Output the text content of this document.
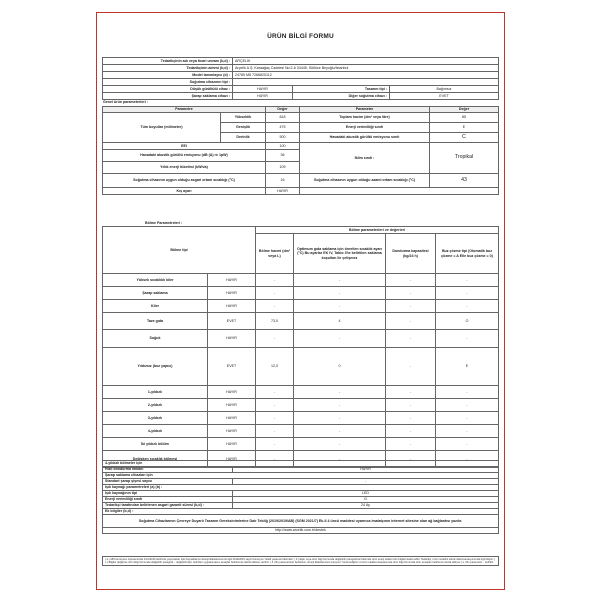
ÜRÜN BİLGİ FORMU
Tedarikçinin adı veya ticari unvanı (b,d) :	ARÇELİK
Tedarikçinin adresi (b,d) :	Arçelik A.Ş. Karaağaç Caddesi No:2-6 34445, Sütlüce Beyoğlu/İstanbul
Model tanımlayıcı (d) :	24785 M8 7266820112
Soğutma cihazının tipi :			
Düşük gürültülü cihaz :	HAYIR	Tasarım tipi :	Bağımsız
Şarap saklama cihazı :	HAYIR	Diğer soğutma cihazı :	EVET
Genel ürün parametreleri :
Parametre		Değer	Parametre	Değer
Tüm boyutlar (milimetre)	Yükseklik	818	Toplam hacim (dm³ veya litre)	85
	Genişlik	475	Enerji verimliliği sınıfı	E
	Derinlik	500	Havadaki akustik gürültü emisyonu sınıfı	C
EEI		100	İklim sınıfı :	Tropikal
Havadaki akustik gürültü emisyonu (dB (A) re 1pW)		36		
Yıllık enerji tüketimi (kWh/a)		109		
Soğutma cihazının uygun olduğu asgari ortam sıcaklığı (°C)		16	Soğutma cihazının uygun olduğu azami ortam sıcaklığı (°C)	43
Kış ayarı		HAYIR		
Bölme Parametreleri :
Bölme tipi		Bölme parametreleri ve değerleri			
		Bölme hacmi (dm³ veya L)	Optimum gıda saklama için önerilen sıcaklık ayarı (°C) Bu ayarlar EK IV, Tablo 3'te belirtilen saklama koşulları ile çelişmez	Dondurma kapasitesi (kg/24 h)	Buz çözme tipi (Otomatik buz çözme = A Elle buz çözme = 0)
Yüksek sıcaklıklı kiler	HAYIR	-	-	-	-
Şarap saklama	HAYIR	-	-	-	-
Kiler	HAYIR	-	-	-	-
Taze gıda	EVET	73,0	4	-	O
Soğuk	HAYIR	-	-	-	-
Yıldızsız (buz yapıcı)	EVET	12,0	0	-	E
1-yıldızlı	HAYIR	-	-	-	-
2-yıldızlı	HAYIR	-	-	-	-
3-yıldızlı	HAYIR	-	-	-	-
4-yıldızlı	HAYIR	-	-	-	-
İki yıldızlı bölüm	HAYIR	-	-	-	-
Değişken sıcaklık bölmesi	HAYIR	-	-	-	-
4-yıldızlı bölmeler için	
Hızlı dondurma imkânı	HAYIR
Şarap saklama cihazları için	
Standart şarap şişesi sayısı	-
Işık kaynağı parametreleri (a) (b) :	
Işık kaynağının tipi	LED
Enerji verimliliği sınıfı	G
Tedarikçi tarafından belirlenen asgari garanti süresi (b,d) :	24 Ay
Ek bilgiler (b,d) :	
Soğutma Cihazlarının Çevreye Duyarlı Tasarım Gereksinimlerine Dair Tebliğ (2019/2019/AB) (SGM 2021/7) Ek-II 4 üncü maddesi uyarınca imalatçının internet sitesine olan ağ bağlantısı yazılır.	
http://www.arcelik.com.tr/destek	
( a ) AB Komisyonu Gpuvensinde 1/12/2019 tarihinde yayımlanan Işık Kaynaklarının Enerji Etiketlemesi ile ilgili 2019/2015 sayılı Komisyon Yetkili yasama hükümleri; ( b ) Eğer veya ürün bilgi formunda değiştirilir paragrafına hükümde ürün enerji etiketi ürün bilgileri kabul edilir. Tedarikçi, ürün modelini teknik dokümantasyonunda ilgili bilgisi; ( c ) Bilgiler değişirse ürün bilgi formunda değiştirilir paragrafı... değiştirilmiştir, belirtilen uygulanmasını amaçlar belirlenmiş teknik tablosu veriliriz. ( d ) Bu parametreler belirlenen, Enerji Etiketlenmesi Çerçeve Yönetmeliğinin 4 üncü maddesi kapsamında ürün bilgi formunda ürün amaçları belirlenen teknik tablosu ( e ) Bu parametre... belirtilir.
